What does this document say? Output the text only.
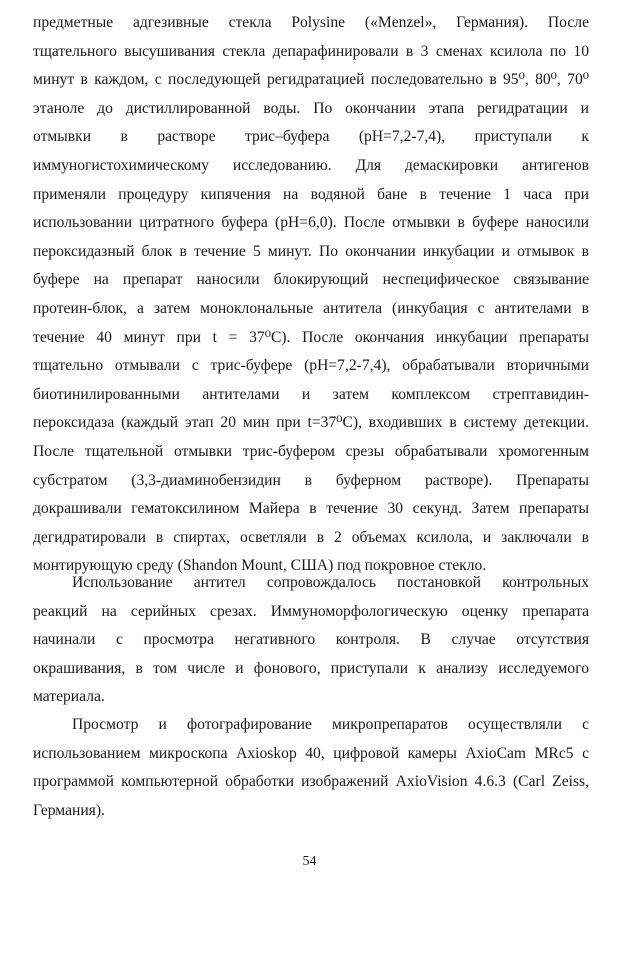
предметные адгезивные стекла Polysine («Menzel», Германия). После
тщательного высушивания стекла депарафинировали в 3 сменах ксилола по 10
минут в каждом, с последующей регидратацией последовательно в 95⁰, 80⁰, 70⁰
этаноле до дистиллированной воды. По окончании этапа регидратации и
отмывки в растворе трис–буфера (pH=7,2-7,4), приступали к
иммуногистохимическому исследованию. Для демаскировки антигенов
применяли процедуру кипячения на водяной бане в течение 1 часа при
использовании цитратного буфера (pH=6,0). После отмывки в буфере наносили
пероксидазный блок в течение 5 минут. По окончании инкубации и отмывок в
буфере на препарат наносили блокирующий неспецифическое связывание
протеин-блок, а затем моноклональные антитела (инкубация с антителами в
течение 40 минут при t = 37⁰С). После окончания инкубации препараты
тщательно отмывали с трис-буфере (pH=7,2-7,4), обрабатывали вторичными
биотинилированными антителами и затем комплексом стрептавидин-
пероксидаза (каждый этап 20 мин при t=37⁰С), входивших в систему детекции.
После тщательной отмывки трис-буфером срезы обрабатывали хромогенным
субстратом (3,3-диаминобензидин в буферном растворе). Препараты
докрашивали гематоксилином Майера в течение 30 секунд. Затем препараты
дегидратировали в спиртах, осветляли в 2 объемах ксилола, и заключали в
монтирующую среду (Shandon Mount, США) под покровное стекло.
Использование антител сопровождалось постановкой контрольных
реакций на серийных срезах. Иммуноморфологическую оценку препарата
начинали с просмотра негативного контроля. В случае отсутствия
окрашивания, в том числе и фонового, приступали к анализу исследуемого
материала.
Просмотр и фотографирование микропрепаратов осуществляли с
использованием микроскопа Axioskop 40, цифровой камеры AxioCam MRc5 с
программой компьютерной обработки изображений AxioVision 4.6.3 (Carl Zeiss,
Германия).
54
